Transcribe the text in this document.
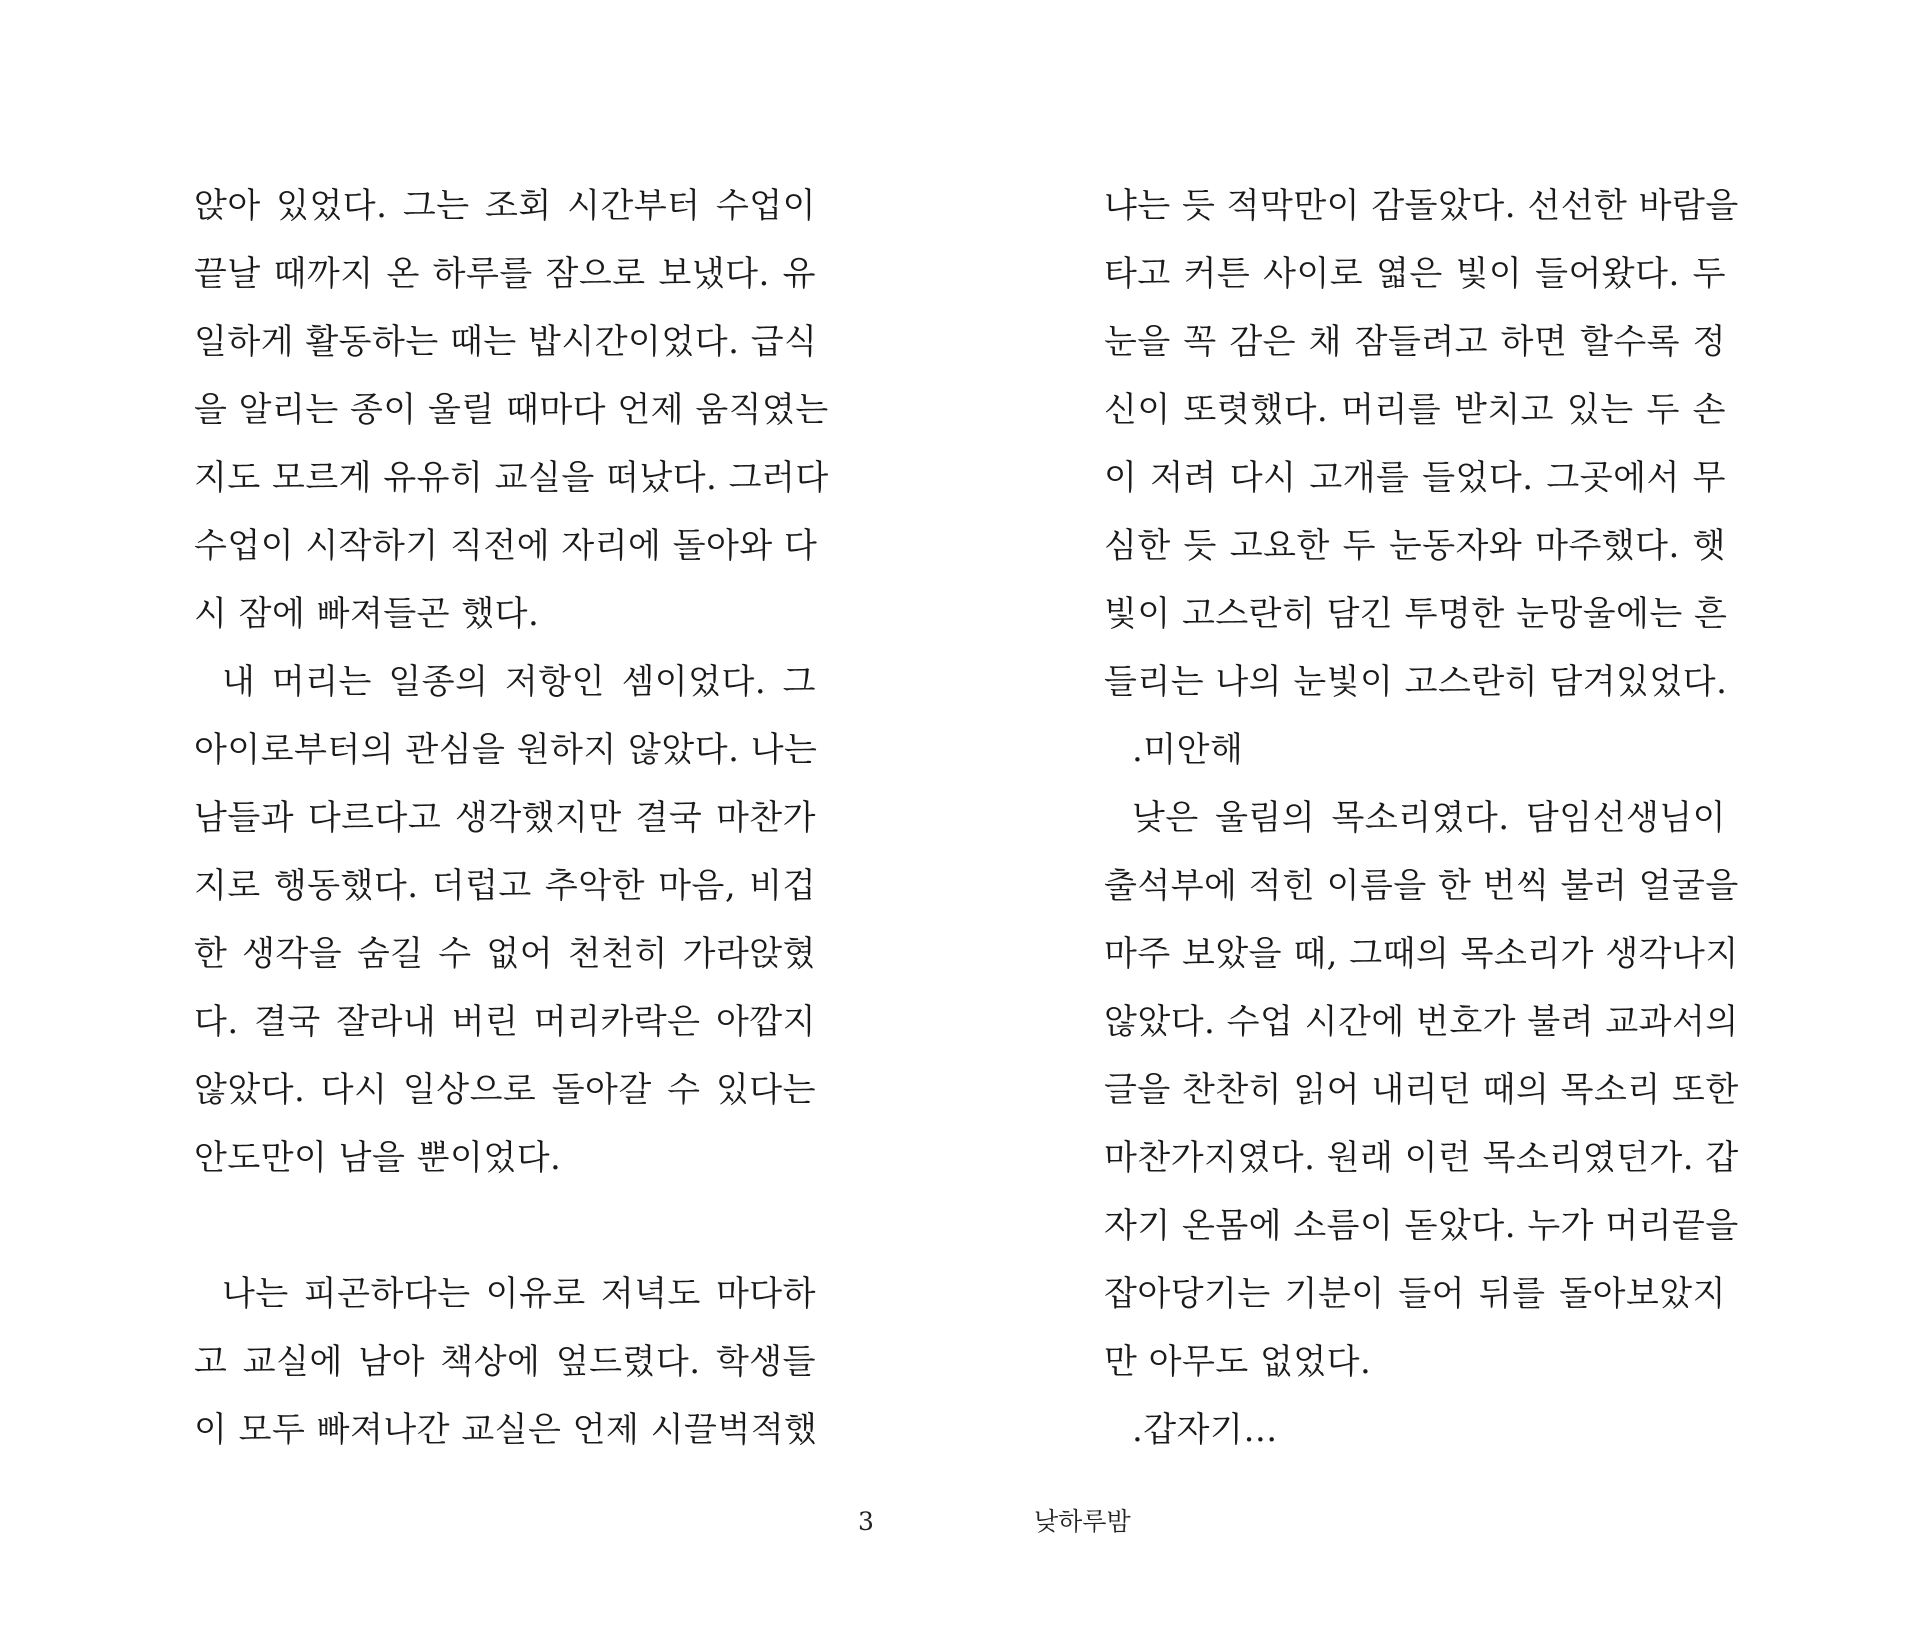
앉아 있었다. 그는 조회 시간부터 수업이
끝날 때까지 온 하루를 잠으로 보냈다. 유
일하게 활동하는 때는 밥시간이었다. 급식
을 알리는 종이 울릴 때마다 언제 움직였는
지도 모르게 유유히 교실을 떠났다. 그러다
수업이 시작하기 직전에 자리에 돌아와 다
시 잠에 빠져들곤 했다.
내 머리는 일종의 저항인 셈이었다. 그
아이로부터의 관심을 원하지 않았다. 나는
남들과 다르다고 생각했지만 결국 마찬가
지로 행동했다. 더럽고 추악한 마음, 비겁
한 생각을 숨길 수 없어 천천히 가라앉혔
다. 결국 잘라내 버린 머리카락은 아깝지
않았다. 다시 일상으로 돌아갈 수 있다는
안도만이 남을 뿐이었다.
나는 피곤하다는 이유로 저녁도 마다하
고 교실에 남아 책상에 엎드렸다. 학생들
이 모두 빠져나간 교실은 언제 시끌벅적했
냐는 듯 적막만이 감돌았다. 선선한 바람을
타고 커튼 사이로 엷은 빛이 들어왔다. 두
눈을 꼭 감은 채 잠들려고 하면 할수록 정
신이 또렷했다. 머리를 받치고 있는 두 손
이 저려 다시 고개를 들었다. 그곳에서 무
심한 듯 고요한 두 눈동자와 마주했다. 햇
빛이 고스란히 담긴 투명한 눈망울에는 흔
들리는 나의 눈빛이 고스란히 담겨있었다.
.미안해
낮은 울림의 목소리였다. 담임선생님이
출석부에 적힌 이름을 한 번씩 불러 얼굴을
마주 보았을 때, 그때의 목소리가 생각나지
않았다. 수업 시간에 번호가 불려 교과서의
글을 찬찬히 읽어 내리던 때의 목소리 또한
마찬가지였다. 원래 이런 목소리였던가. 갑
자기 온몸에 소름이 돋았다. 누가 머리끝을
잡아당기는 기분이 들어 뒤를 돌아보았지
만 아무도 없었다.
.갑자기…
3	낮하루밤
